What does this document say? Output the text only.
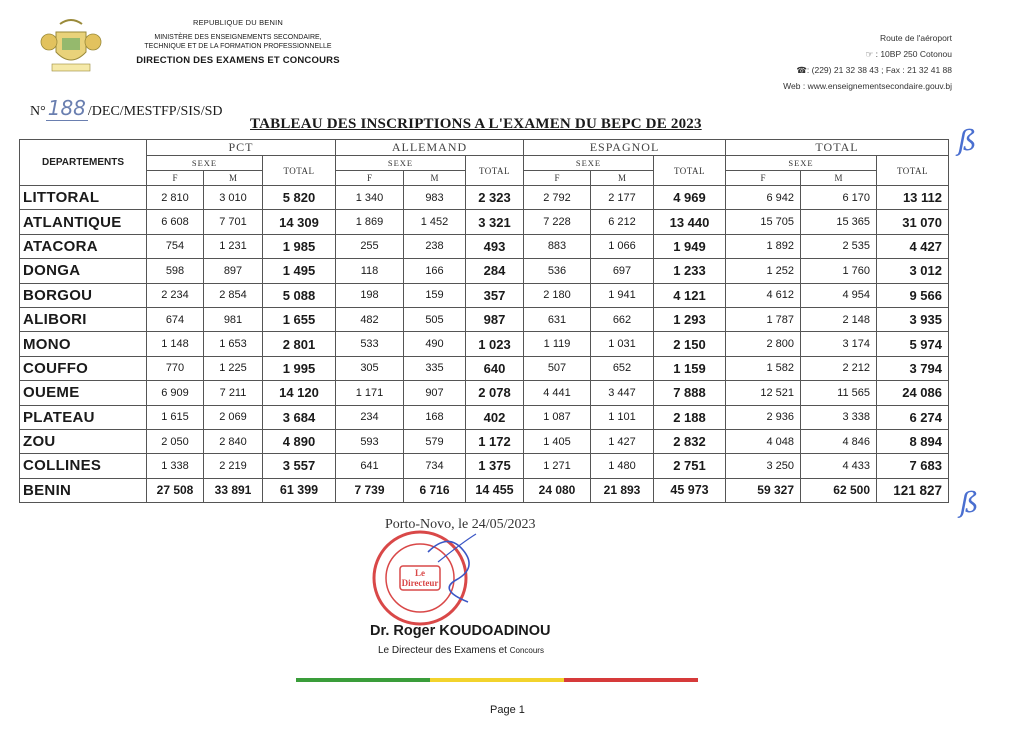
REPUBLIQUE DU BENIN
MINISTÈRE DES ENSEIGNEMENTS SECONDAIRE,
TECHNIQUE ET DE LA FORMATION PROFESSIONNELLE
DIRECTION DES EXAMENS ET CONCOURS
Route de l'aéroport
☞ : 10BP 250 Cotonou
☎: (229) 21 32 38 43 ; Fax : 21 32 41 88
Web : www.enseignementsecondaire.gouv.bj
N° 188 /DEC/MESTFP/SIS/SD
TABLEAU DES INSCRIPTIONS A L'EXAMEN DU BEPC DE 2023	ß
ß
DEPARTEMENTS	PCT			ALLEMAND			ESPAGNOL			TOTAL		
	SEXE		TOTAL	SEXE		TOTAL	SEXE		TOTAL	SEXE		TOTAL
	F	M		F	M		F	M		F	M	
LITTORAL	2 810	3 010	5 820	1 340	983	2 323	2 792	2 177	4 969	6 942	6 170	13 112
ATLANTIQUE	6 608	7 701	14 309	1 869	1 452	3 321	7 228	6 212	13 440	15 705	15 365	31 070
ATACORA	754	1 231	1 985	255	238	493	883	1 066	1 949	1 892	2 535	4 427
DONGA	598	897	1 495	118	166	284	536	697	1 233	1 252	1 760	3 012
BORGOU	2 234	2 854	5 088	198	159	357	2 180	1 941	4 121	4 612	4 954	9 566
ALIBORI	674	981	1 655	482	505	987	631	662	1 293	1 787	2 148	3 935
MONO	1 148	1 653	2 801	533	490	1 023	1 119	1 031	2 150	2 800	3 174	5 974
COUFFO	770	1 225	1 995	305	335	640	507	652	1 159	1 582	2 212	3 794
OUEME	6 909	7 211	14 120	1 171	907	2 078	4 441	3 447	7 888	12 521	11 565	24 086
PLATEAU	1 615	2 069	3 684	234	168	402	1 087	1 101	2 188	2 936	3 338	6 274
ZOU	2 050	2 840	4 890	593	579	1 172	1 405	1 427	2 832	4 048	4 846	8 894
COLLINES	1 338	2 219	3 557	641	734	1 375	1 271	1 480	2 751	3 250	4 433	7 683
BENIN	27 508	33 891	61 399	7 739	6 716	14 455	24 080	21 893	45 973	59 327	62 500	121 827
Porto-Novo, le 24/05/2023
Le
Directeur
Dr. Roger KOUDOADINOU
Le Directeur des Examens et Concours
Page 1
